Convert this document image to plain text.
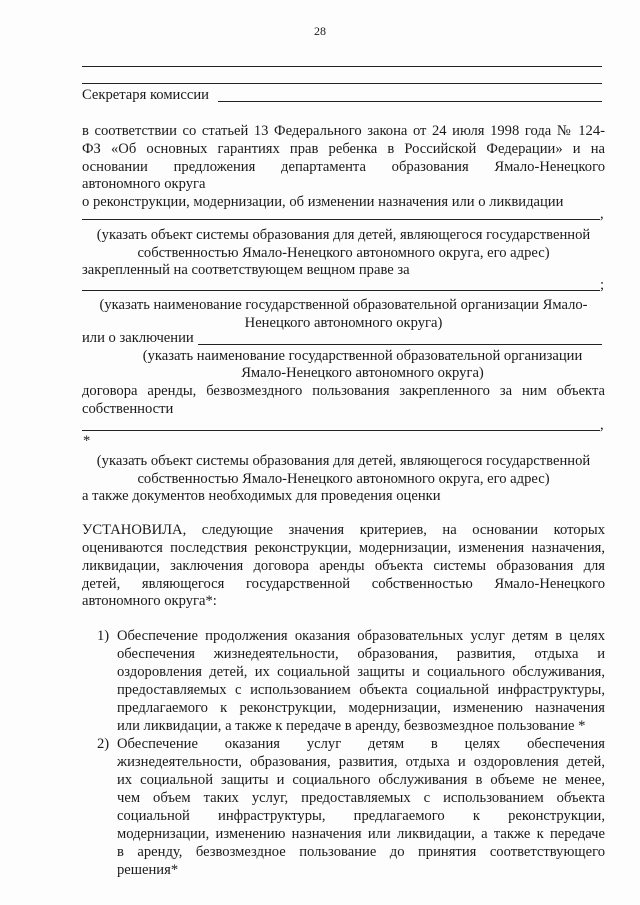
28
Секретаря комиссии
в соответствии со статьей 13 Федерального закона от 24 июля 1998 года № 124-
ФЗ «Об основных гарантиях прав ребенка в Российской Федерации» и на
основании предложения департамента образования Ямало-Ненецкого
автономного округа
о реконструкции, модернизации, об изменении назначения или о ликвидации
,
(указать объект системы образования для детей, являющегося государственной
собственностью Ямало-Ненецкого автономного округа, его адрес)
закрепленный на соответствующем вещном праве за
;
(указать наименование государственной образовательной организации Ямало-
Ненецкого автономного округа)
или о заключении
(указать наименование государственной образовательной организации
Ямало-Ненецкого автономного округа)
договора аренды, безвозмездного пользования закрепленного за ним объекта
собственности
,
*
(указать объект системы образования для детей, являющегося государственной
собственностью Ямало-Ненецкого автономного округа, его адрес)
а также документов необходимых для проведения оценки
УСТАНОВИЛА, следующие значения критериев, на основании которых
оцениваются последствия реконструкции, модернизации, изменения назначения,
ликвидации, заключения договора аренды объекта системы образования для
детей, являющегося государственной собственностью Ямало-Ненецкого
автономного округа*:
1) Обеспечение продолжения оказания образовательных услуг детям в целях
обеспечения жизнедеятельности, образования, развития, отдыха и
оздоровления детей, их социальной защиты и социального обслуживания,
предоставляемых с использованием объекта социальной инфраструктуры,
предлагаемого к реконструкции, модернизации, изменению назначения
или ликвидации, а также к передаче в аренду, безвозмездное пользование *
2) Обеспечение оказания услуг детям в целях обеспечения
жизнедеятельности, образования, развития, отдыха и оздоровления детей,
их социальной защиты и социального обслуживания в объеме не менее,
чем объем таких услуг, предоставляемых с использованием объекта
социальной инфраструктуры, предлагаемого к реконструкции,
модернизации, изменению назначения или ликвидации, а также к передаче
в аренду, безвозмездное пользование до принятия соответствующего
решения*
